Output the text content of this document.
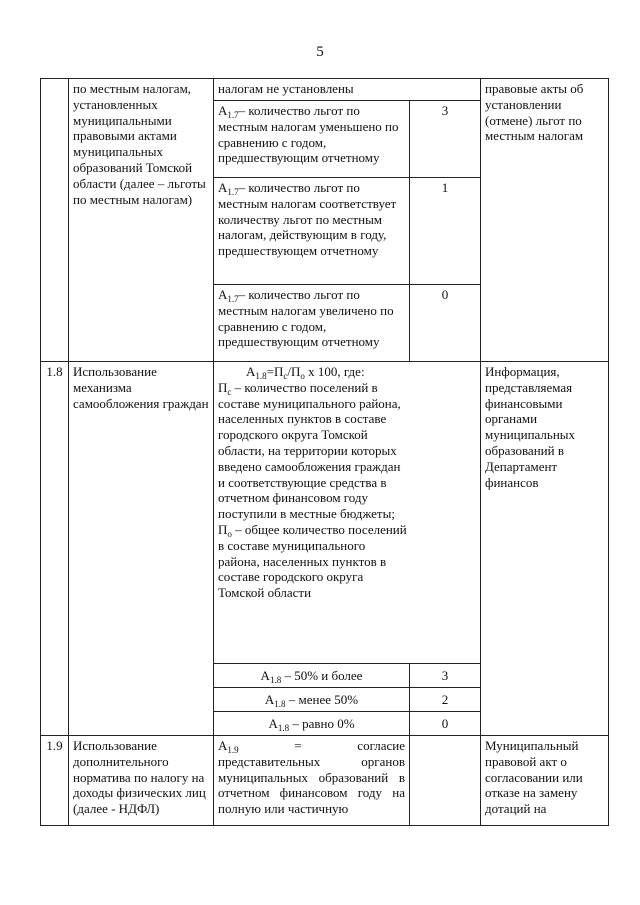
5
	по местным налогам, установленных муниципальными правовыми актами муниципальных образований Томской области (далее – льготы по местным налогам)	налогам не установлены		правовые акты об установлении (отмене) льгот по местным налогам
		$А_{1.7}-$ количество льгот по местным налогам уменьшено по сравнению с годом, предшествующим отчетному	3	
		$А_{1.7}-$ количество льгот по местным налогам соответствует количеству льгот по местным налогам, действующим в году, предшествующем отчетному	1	
		$А_{1.7}-$ количество льгот по местным налогам увеличено по сравнению с годом, предшествующим отчетному	0	
1.8	Использование механизма самообложения граждан	$А_{1.8}=П_с/П_о$ х 100, где:
$П_с$ – количество поселений в составе муниципального района, населенных пунктов в составе городского округа Томской области, на территории которых введено самообложения граждан и соответствующие средства в отчетном финансовом году поступили в местные бюджеты;
$П_о$ – общее количество поселений в составе муниципального района, населенных пунктов в составе городского округа Томской области		Информация, представляемая финансовыми органами муниципальных образований в Департамент финансов
		$А_{1.8} - 50\%$ и более	3	
		$А_{1.8}$ – менее 50%	2	
		$А_{1.8}$ – равно 0%	0	
1.9	Использование дополнительного норматива по налогу на доходы физических лиц (далее - НДФЛ)	$А_{1.9}$ = согласие
представительных органов муниципальных образований в отчетном финансовом году на полную или частичную		Муниципальный правовой акт о согласовании или отказе на замену дотаций на
